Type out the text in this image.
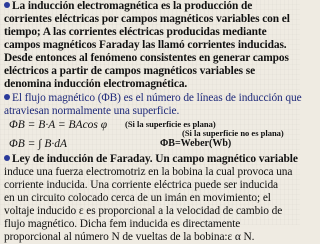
La inducción electromagnética es la producción de
corrientes eléctricas por campos magnéticos variables con el
tiempo; A las corrientes eléctricas producidas mediante
campos magnéticos Faraday las llamó corrientes inducidas.
Desde entonces al fenómeno consistentes en generar campos
eléctricos a partir de campos magnéticos variables se
denomina inducción electromagnética.
El flujo magnético (ΦB) es el número de líneas de inducción que
atraviesan normalmente una superficie.
ΦB = B·A = BAcos φ (Si la superficie es plana)
ΦB = ∫ B·dA
(Si la superficie no es plana)
ΦB=Weber(Wb)
Ley de inducción de Faraday. Un campo magnético variable
induce una fuerza electromotriz en la bobina la cual provoca una
corriente inducida. Una corriente eléctrica puede ser inducida
en un circuito colocado cerca de un imán en movimiento; el
voltaje inducido ε es proporcional a la velocidad de cambio de
flujo magnético. Dicha fem inducida es directamente
proporcional al número N de vueltas de la bobina:ε α N.
